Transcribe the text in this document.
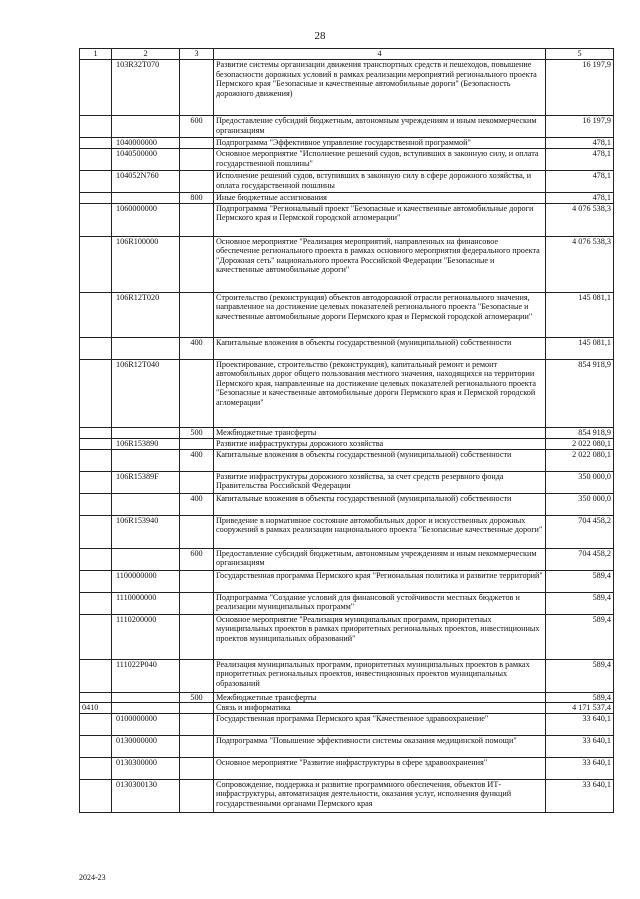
28
1	2	3	4	5
	103R32T070		Развитие системы организации движения транспортных средств и пешеходов, повышение безопасности дорожных условий в рамках реализации мероприятий регионального проекта Пермского края "Безопасные и качественные автомобильные дороги" (Безопасность дорожного движения)	16 197,9
		600	Предоставление субсидий бюджетным, автономным учреждениям и иным некоммерческим организациям	16 197,9
	1040000000		Подпрограмма "Эффективное управление государственной программой"	478,1
	1040500000		Основное мероприятие "Исполнение решений судов, вступивших в законную силу, и оплата государственной пошлины"	478,1
	104052N760		Исполнение решений судов, вступивших в законную силу в сфере дорожного хозяйства, и оплата государственной пошлины	478,1
		800	Иные бюджетные ассигнования	478,1
	1060000000		Подпрограмма "Региональный проект "Безопасные и качественные автомобильные дороги Пермского края и Пермской городской агломерации"	4 076 538,3
	106R100000		Основное мероприятие "Реализация мероприятий, направленных на финансовое обеспечение регионального проекта в рамках основного мероприятия федерального проекта "Дорожная сеть" национального проекта Российской Федерации "Безопасные и качественные автомобильные дороги"	4 076 538,3
	106R12T020		Строительство (реконструкция) объектов автодорожной отрасли регионального значения, направленное на достижение целевых показателей регионального проекта "Безопасные и качественные автомобильные дороги Пермского края и Пермской городской агломерации"	145 081,1
		400	Капитальные вложения в объекты государственной (муниципальной) собственности	145 081,1
	106R12T040		Проектирование, строительство (реконструкция), капитальный ремонт и ремонт автомобильных дорог общего пользования местного значения, находящихся на территории Пермского края, направленные на достижение целевых показателей регионального проекта "Безопасные и качественные автомобильные дороги Пермского края и Пермской городской агломерации"	854 918,9
		500	Межбюджетные трансферты	854 918,9
	106R153890		Развитие инфраструктуры дорожного хозяйства	2 022 080,1
		400	Капитальные вложения в объекты государственной (муниципальной) собственности	2 022 080,1
	106R15389F		Развитие инфраструктуры дорожного хозяйства, за счет средств резервного фонда Правительства Российской Федерации	350 000,0
		400	Капитальные вложения в объекты государственной (муниципальной) собственности	350 000,0
	106R153940		Приведение в нормативное состояние автомобильных дорог и искусственных дорожных сооружений в рамках реализации национального проекта "Безопасные качественные дороги"	704 458,2
		600	Предоставление субсидий бюджетным, автономным учреждениям и иным некоммерческим организациям	704 458,2
	1100000000		Государственная программа Пермского края "Региональная политика и развитие территорий"	589,4
	1110000000		Подпрограмма "Создание условий для финансовой устойчивости местных бюджетов и реализации муниципальных программ"	589,4
	1110200000		Основное мероприятие "Реализация муниципальных программ, приоритетных муниципальных проектов в рамках приоритетных региональных проектов, инвестиционных проектов муниципальных образований"	589,4
	111022P040		Реализация муниципальных программ, приоритетных муниципальных проектов в рамках приоритетных региональных проектов, инвестиционных проектов муниципальных образований	589,4
		500	Межбюджетные трансферты	589,4
0410			Связь и информатика	4 171 537,4
	0100000000		Государственная программа Пермского края "Качественное здравоохранение"	33 640,1
	0130000000		Подпрограмма "Повышение эффективности системы оказания медицинской помощи"	33 640,1
	0130300000		Основное мероприятие "Развитие инфраструктуры в сфере здравоохранения"	33 640,1
	0130300130		Сопровождение, поддержка и развитие программного обеспечения, объектов ИТ-инфраструктуры, автоматизация деятельности, оказания услуг, исполнения функций государственными органами Пермского края	33 640,1
2024-23
